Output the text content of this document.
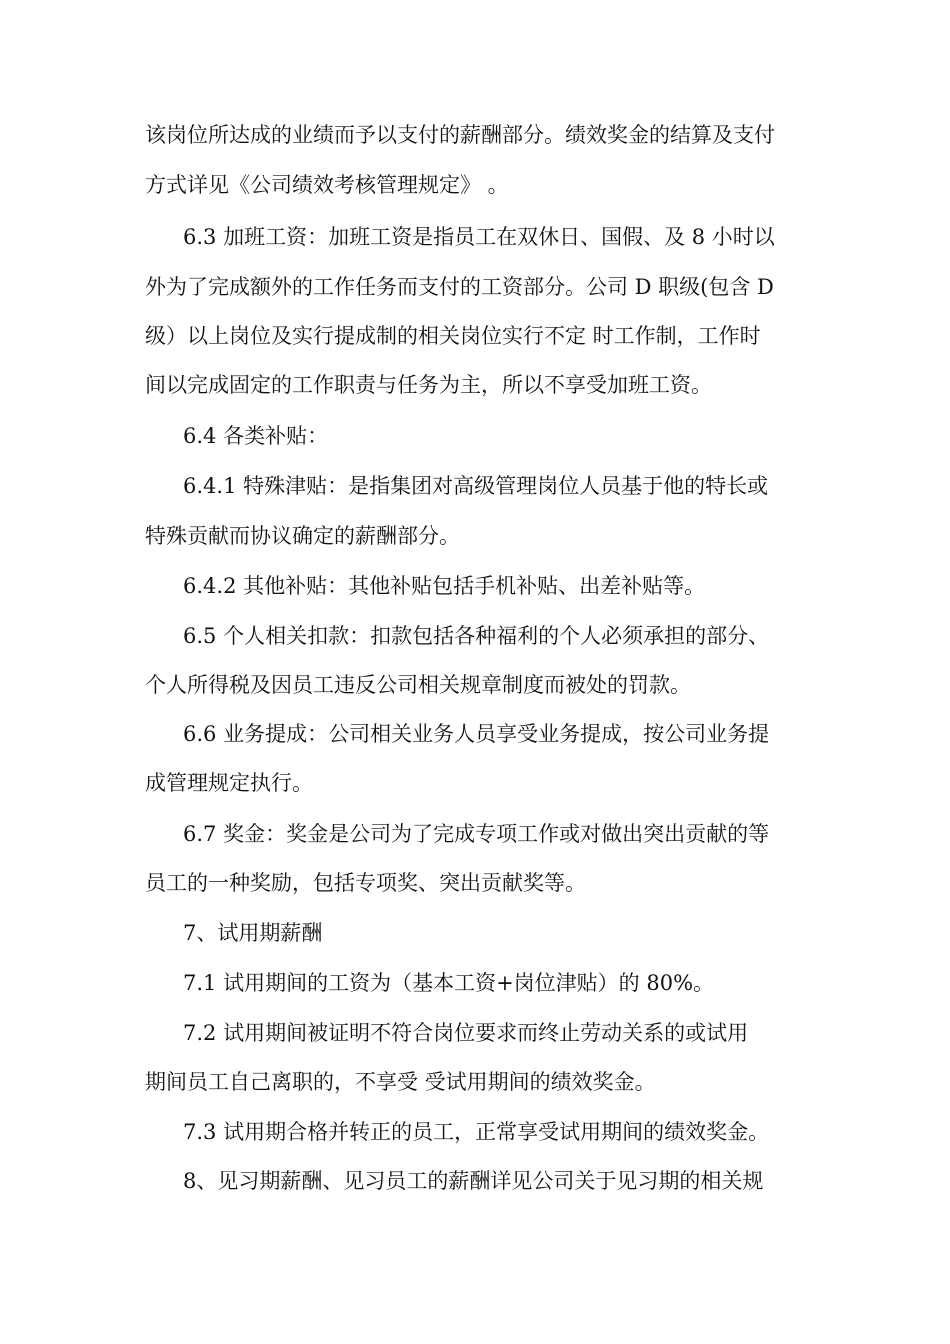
该岗位所达成的业绩而予以支付的薪酬部分。绩效奖金的结算及支付
方式详见《公司绩效考核管理规定》 。
6.3 加班工资：加班工资是指员工在双休日、国假、及 8 小时以
外为了完成额外的工作任务而支付的工资部分。公司 D 职级(包含 D
级）以上岗位及实行提成制的相关岗位实行不定 时工作制，工作时
间以完成固定的工作职责与任务为主，所以不享受加班工资。
6.4 各类补贴：
6.4.1 特殊津贴：是指集团对高级管理岗位人员基于他的特长或
特殊贡献而协议确定的薪酬部分。
6.4.2 其他补贴：其他补贴包括手机补贴、出差补贴等。
6.5 个人相关扣款：扣款包括各种福利的个人必须承担的部分、
个人所得税及因员工违反公司相关规章制度而被处的罚款。
6.6 业务提成：公司相关业务人员享受业务提成，按公司业务提
成管理规定执行。
6.7 奖金：奖金是公司为了完成专项工作或对做出突出贡献的等
员工的一种奖励，包括专项奖、突出贡献奖等。
7、试用期薪酬
7.1 试用期间的工资为（基本工资+岗位津贴）的 80%。
7.2 试用期间被证明不符合岗位要求而终止劳动关系的或试用
期间员工自己离职的，不享受 受试用期间的绩效奖金。
7.3 试用期合格并转正的员工，正常享受试用期间的绩效奖金。
8、见习期薪酬、见习员工的薪酬详见公司关于见习期的相关规
